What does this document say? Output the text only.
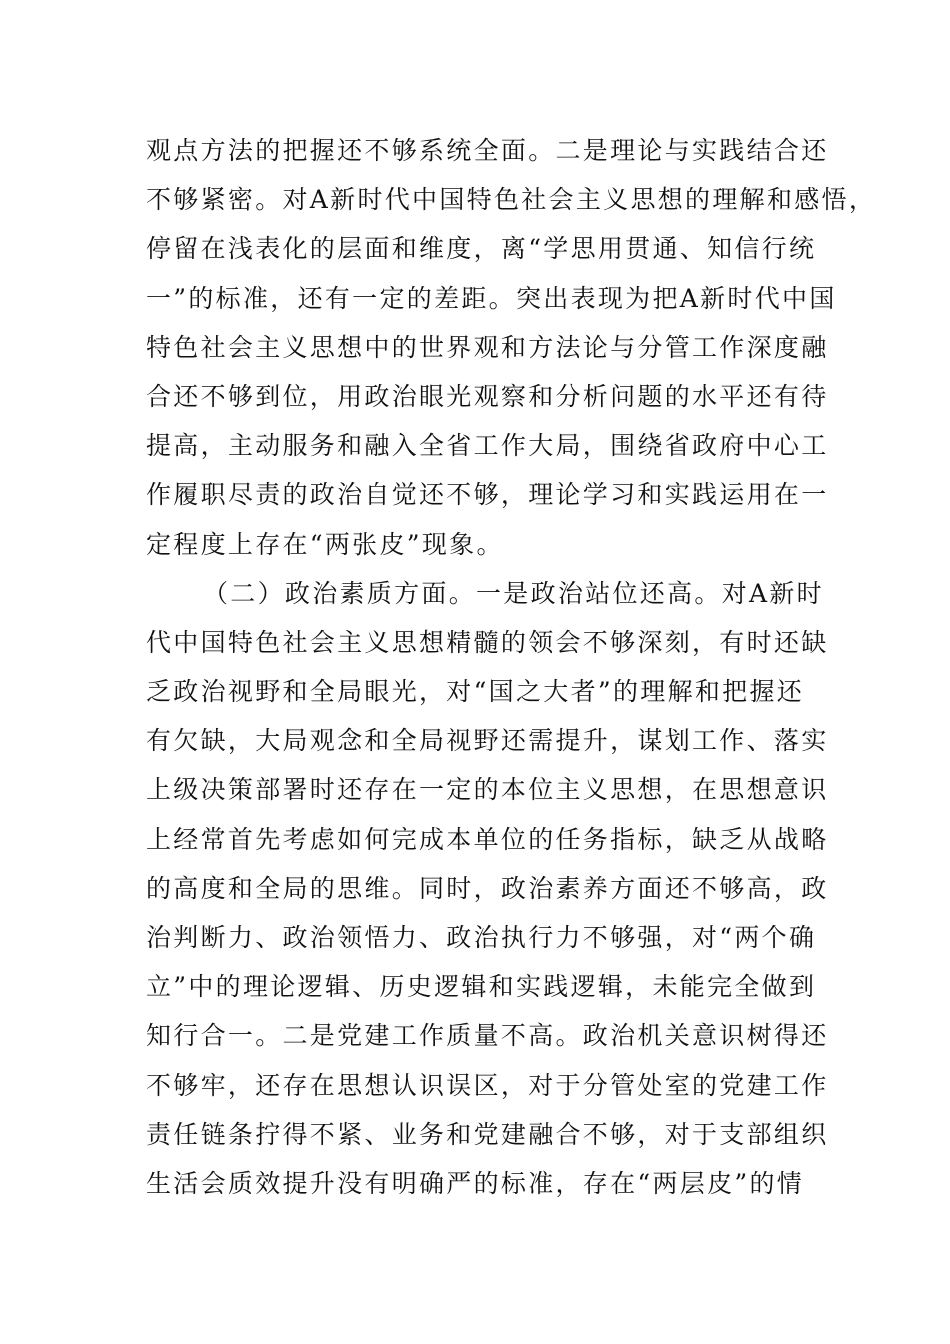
观点方法的把握还不够系统全面。二是理论与实践结合还
不够紧密。对A新时代中国特色社会主义思想的理解和感悟，
停留在浅表化的层面和维度，离“学思用贯通、知信行统
一”的标准，还有一定的差距。突出表现为把A新时代中国
特色社会主义思想中的世界观和方法论与分管工作深度融
合还不够到位，用政治眼光观察和分析问题的水平还有待
提高，主动服务和融入全省工作大局，围绕省政府中心工
作履职尽责的政治自觉还不够，理论学习和实践运用在一
定程度上存在“两张皮”现象。
（二）政治素质方面。一是政治站位还高。对A新时
代中国特色社会主义思想精髓的领会不够深刻，有时还缺
乏政治视野和全局眼光，对“国之大者”的理解和把握还
有欠缺，大局观念和全局视野还需提升，谋划工作、落实
上级决策部署时还存在一定的本位主义思想，在思想意识
上经常首先考虑如何完成本单位的任务指标，缺乏从战略
的高度和全局的思维。同时，政治素养方面还不够高，政
治判断力、政治领悟力、政治执行力不够强，对“两个确
立”中的理论逻辑、历史逻辑和实践逻辑，未能完全做到
知行合一。二是党建工作质量不高。政治机关意识树得还
不够牢，还存在思想认识误区，对于分管处室的党建工作
责任链条拧得不紧、业务和党建融合不够，对于支部组织
生活会质效提升没有明确严的标准，存在“两层皮”的情
